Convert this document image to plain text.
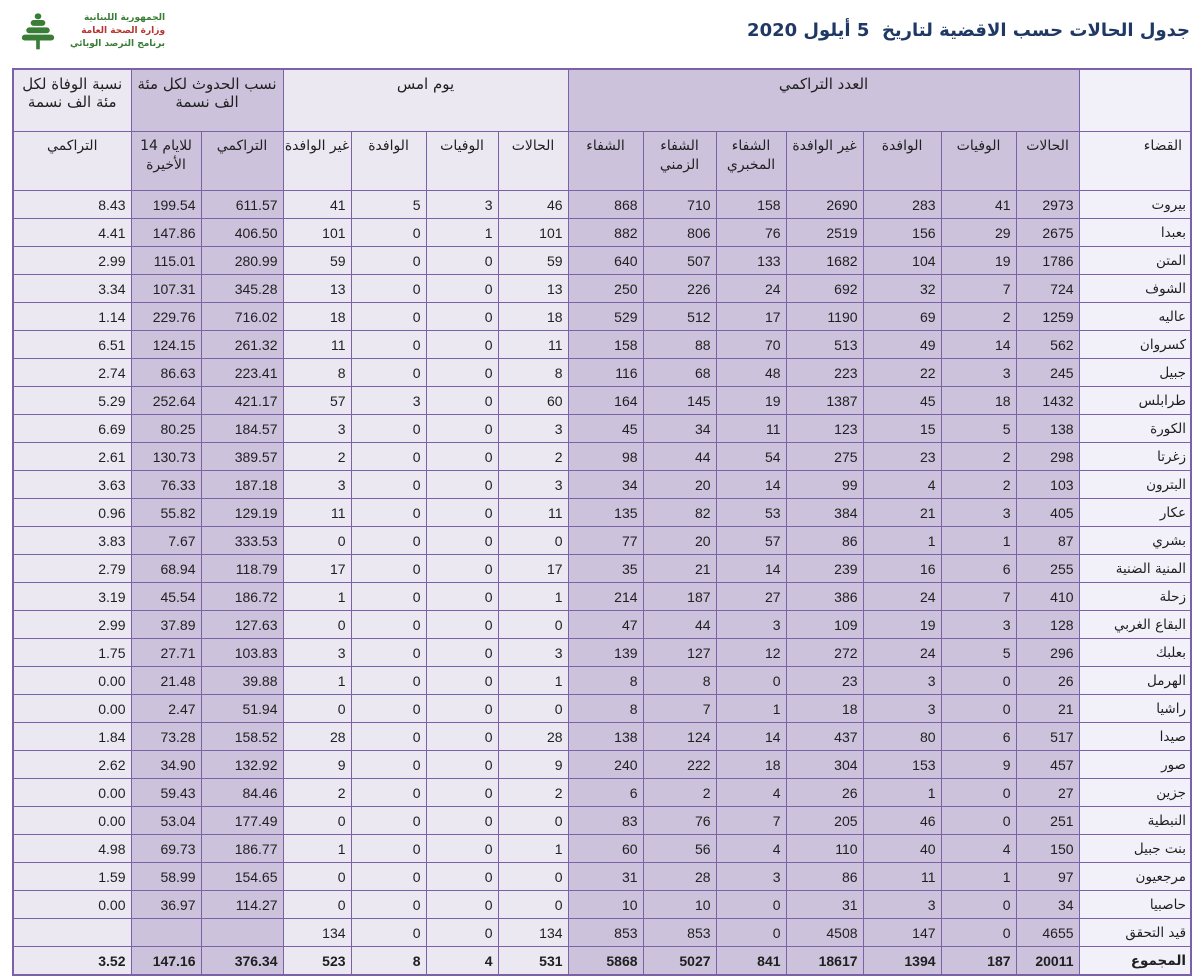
الجمهورية اللبنانية
وزارة الصحة العامة
برنامج الترصد الوبائي
جدول الحالات حسب الاقضية لتاريخ  5 أيلول 2020
	العدد التراكمي							يوم امس				نسب الحدوث لكل مئة الف نسمة		نسبة الوفاة لكل مئة الف نسمة
القضاء	الحالات	الوفيات	الوافدة	غير الوافدة	الشفاء المخبري	الشفاء الزمني	الشفاء	الحالات	الوفيات	الوافدة	غير الوافدة	التراكمي	للايام 14 الأخيرة	التراكمي
بيروت	2973	41	283	2690	158	710	868	46	3	5	41	611.57	199.54	8.43
بعبدا	2675	29	156	2519	76	806	882	101	1	0	101	406.50	147.86	4.41
المتن	1786	19	104	1682	133	507	640	59	0	0	59	280.99	115.01	2.99
الشوف	724	7	32	692	24	226	250	13	0	0	13	345.28	107.31	3.34
عاليه	1259	2	69	1190	17	512	529	18	0	0	18	716.02	229.76	1.14
كسروان	562	14	49	513	70	88	158	11	0	0	11	261.32	124.15	6.51
جبيل	245	3	22	223	48	68	116	8	0	0	8	223.41	86.63	2.74
طرابلس	1432	18	45	1387	19	145	164	60	0	3	57	421.17	252.64	5.29
الكورة	138	5	15	123	11	34	45	3	0	0	3	184.57	80.25	6.69
زغرتا	298	2	23	275	54	44	98	2	0	0	2	389.57	130.73	2.61
البترون	103	2	4	99	14	20	34	3	0	0	3	187.18	76.33	3.63
عكار	405	3	21	384	53	82	135	11	0	0	11	129.19	55.82	0.96
بشري	87	1	1	86	57	20	77	0	0	0	0	333.53	7.67	3.83
المنية الضنية	255	6	16	239	14	21	35	17	0	0	17	118.79	68.94	2.79
زحلة	410	7	24	386	27	187	214	1	0	0	1	186.72	45.54	3.19
البقاع الغربي	128	3	19	109	3	44	47	0	0	0	0	127.63	37.89	2.99
بعلبك	296	5	24	272	12	127	139	3	0	0	3	103.83	27.71	1.75
الهرمل	26	0	3	23	0	8	8	1	0	0	1	39.88	21.48	0.00
راشيا	21	0	3	18	1	7	8	0	0	0	0	51.94	2.47	0.00
صيدا	517	6	80	437	14	124	138	28	0	0	28	158.52	73.28	1.84
صور	457	9	153	304	18	222	240	9	0	0	9	132.92	34.90	2.62
جزين	27	0	1	26	4	2	6	2	0	0	2	84.46	59.43	0.00
النبطية	251	0	46	205	7	76	83	0	0	0	0	177.49	53.04	0.00
بنت جبيل	150	4	40	110	4	56	60	1	0	0	1	186.77	69.73	4.98
مرجعيون	97	1	11	86	3	28	31	0	0	0	0	154.65	58.99	1.59
حاصبيا	34	0	3	31	0	10	10	0	0	0	0	114.27	36.97	0.00
قيد التحقق	4655	0	147	4508	0	853	853	134	0	0	134			
المجموع	20011	187	1394	18617	841	5027	5868	531	4	8	523	376.34	147.16	3.52
